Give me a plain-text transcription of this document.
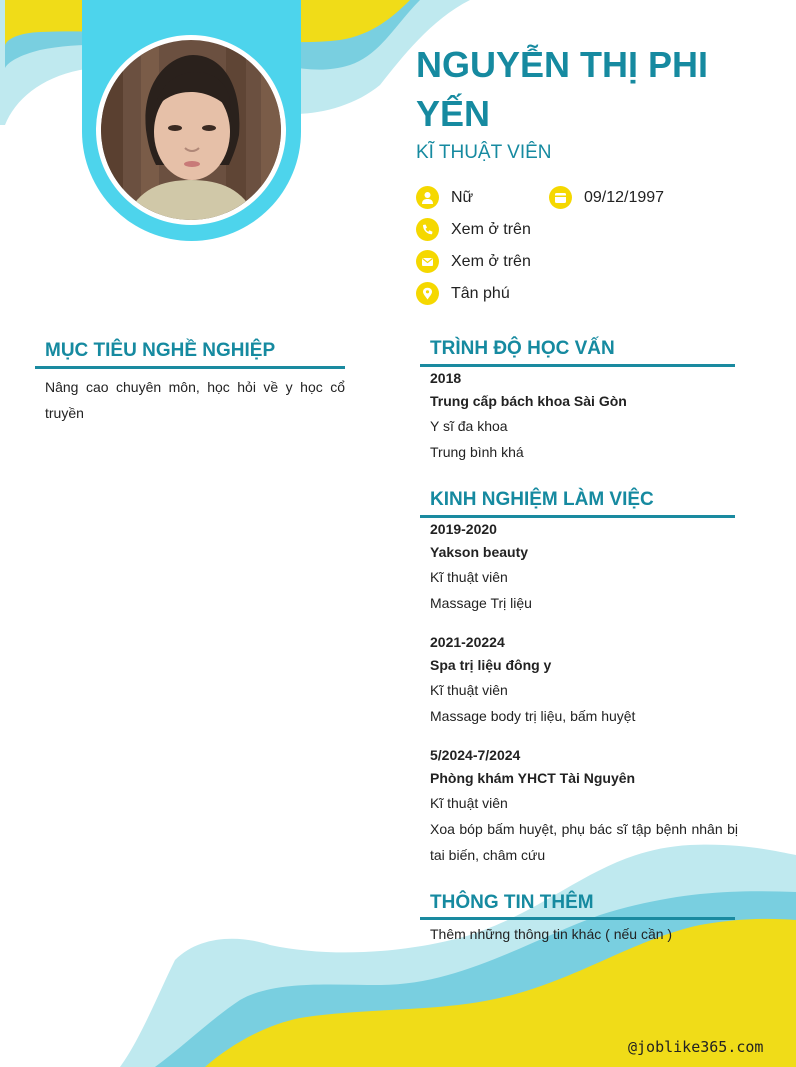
NGUYỄN THỊ PHI YẾN
KĨ THUẬT VIÊN
Nữ	09/12/1997
Xem ở trên
Xem ở trên
Tân phú
MỤC TIÊU NGHỀ NGHIỆP
Nâng cao chuyên môn, học hỏi về y học cổ truyền
TRÌNH ĐỘ HỌC VẤN
2018
Trung cấp bách khoa Sài Gòn
Y sĩ đa khoa
Trung bình khá
KINH NGHIỆM LÀM VIỆC
2019-2020
Yakson beauty
Kĩ thuật viên
Massage Trị liệu
2021-20224
Spa trị liệu đông y
Kĩ thuật viên
Massage body trị liệu, bấm huyệt
5/2024-7/2024
Phòng khám YHCT Tài Nguyên
Kĩ thuật viên
Xoa bóp bấm huyệt, phụ bác sĩ tập bệnh nhân bị tai biến, châm cứu
THÔNG TIN THÊM
Thêm những thông tin khác ( nếu cần )
@joblike365.com
